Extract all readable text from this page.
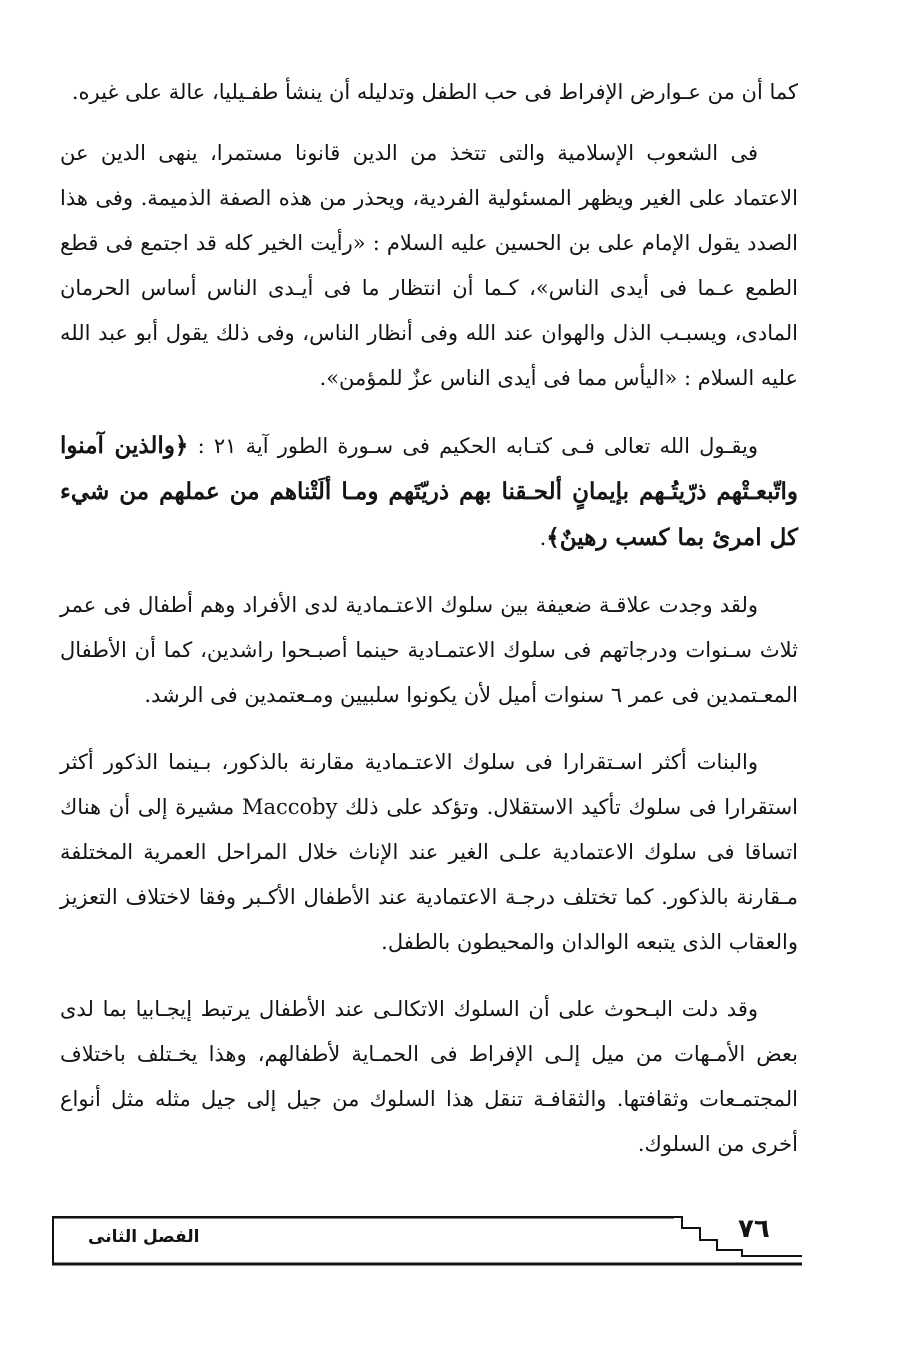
كما أن من عـوارض الإفراط فى حب الطفل وتدليله أن ينشأ طفـيليا، عالة على غيره.

فى الشعوب الإسلامية والتى تتخذ من الدين قانونا مستمرا، ينهى الدين عن الاعتماد على الغير ويظهر المسئولية الفردية، ويحذر من هذه الصفة الذميمة. وفى هذا الصدد يقول الإمام على بن الحسين عليه السلام : «رأيت الخير كله قد اجتمع فى قطع الطمع عـما فى أيدى الناس»، كـما أن انتظار ما فى أيـدى الناس أساس الحرمان المادى، ويسبـب الذل والهوان عند الله وفى أنظار الناس، وفى ذلك يقول أبو عبد الله عليه السلام : «اليأس مما فى أيدى الناس عزٌ للمؤمن».

ويقـول الله تعالى فـى كتـابه الحكيم فى سـورة الطور آية ٢١ : ﴿والذين آمنوا واتّبعـتْهم ذرّيتُـهم بإيمانٍ ألحـقنا بهم ذريّتَهم ومـا ألَتْناهم من عملهم من شيء كل امرئ بما كسب رهينٌ﴾.

ولقد وجدت علاقـة ضعيفة بين سلوك الاعتـمادية لدى الأفراد وهم أطفال فى عمر ثلاث سـنوات ودرجاتهم فى سلوك الاعتمـادية حينما أصبـحوا راشدين، كما أن الأطفال المعـتمدين فى عمر ٦ سنوات أميل لأن يكونوا سلبيين ومـعتمدين فى الرشد.

والبنات أكثر اسـتقرارا فى سلوك الاعتـمادية مقارنة بالذكور، بـينما الذكور أكثر استقرارا فى سلوك تأكيد الاستقلال. وتؤكد على ذلك Maccoby مشيرة إلى أن هناك اتساقا فى سلوك الاعتمادية علـى الغير عند الإناث خلال المراحل العمرية المختلفة مـقارنة بالذكور. كما تختلف درجـة الاعتمادية عند الأطفال الأكـبر وفقا لاختلاف التعزيز والعقاب الذى يتبعه الوالدان والمحيطون بالطفل.

وقد دلت البـحوث على أن السلوك الاتكالـى عند الأطفال يرتبط إيجـابيا بما لدى بعض الأمـهات من ميل إلـى الإفراط فى الحمـاية لأطفالهم، وهذا يخـتلف باختلاف المجتمـعات وثقافتها. والثقافـة تنقل هذا السلوك من جيل إلى جيل مثله مثل أنواع أخرى من السلوك.

الفصل الثانى	٧٦
